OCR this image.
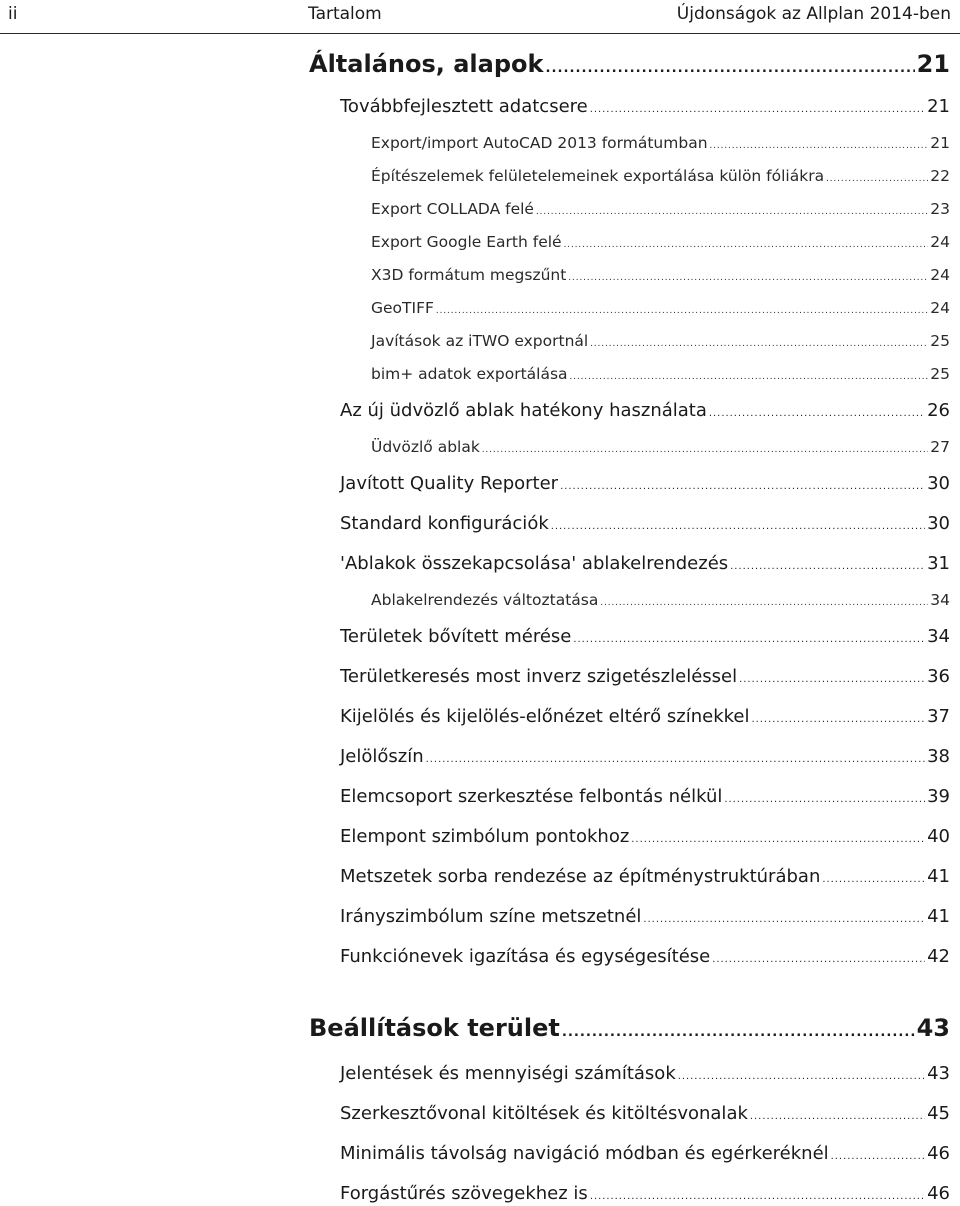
ii	Tartalom	Újdonságok az Allplan 2014-ben
Általános, alapok .....	21
Továbbfejlesztett adatcsere .....	21
Export/import AutoCAD 2013 formátumban .....	21
Építészelemek felületelemeinek exportálása külön fóliákra .....	22
Export COLLADA felé .....	23
Export Google Earth felé .....	24
X3D formátum megszűnt .....	24
GeoTIFF .....	24
Javítások az iTWO exportnál .....	25
bim+ adatok exportálása .....	25
Az új üdvözlő ablak hatékony használata .....	26
Üdvözlő ablak .....	27
Javított Quality Reporter .....	30
Standard konfigurációk .....	30
'Ablakok összekapcsolása' ablakelrendezés .....	31
Ablakelrendezés változtatása .....	34
Területek bővített mérése .....	34
Területkeresés most inverz szigetészleléssel .....	36
Kijelölés és kijelölés-előnézet eltérő színekkel .....	37
Jelölőszín .....	38
Elemcsoport szerkesztése felbontás nélkül .....	39
Elempont szimbólum pontokhoz .....	40
Metszetek sorba rendezése az építménystruktúrában .....	41
Irányszimbólum színe metszetnél .....	41
Funkciónevek igazítása és egységesítése .....	42
Beállítások terület .....	43
Jelentések és mennyiségi számítások .....	43
Szerkesztővonal kitöltések és kitöltésvonalak .....	45
Minimális távolság navigáció módban és egérkeréknél .....	46
Forgástűrés szövegekhez is .....	46
